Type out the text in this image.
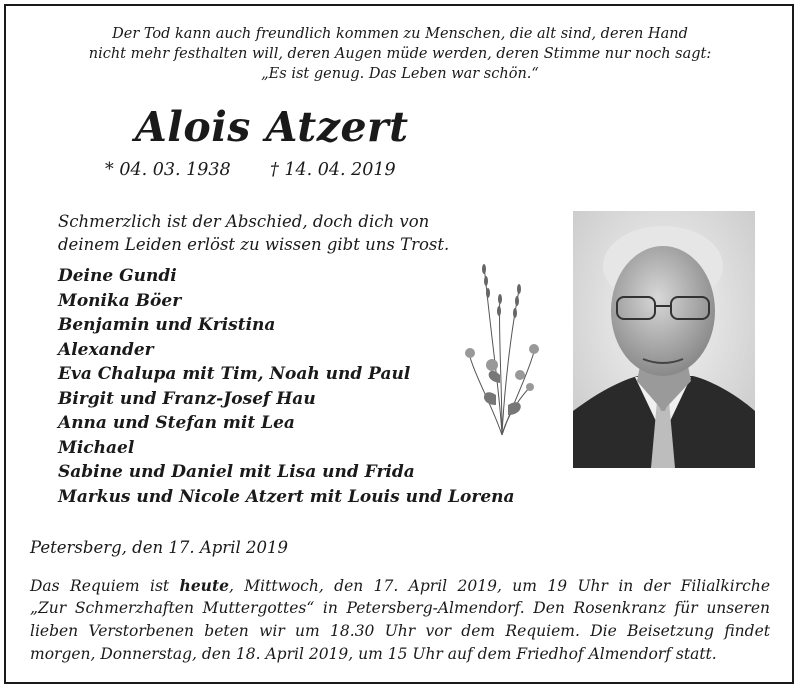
Der Tod kann auch freundlich kommen zu Menschen, die alt sind, deren Hand
nicht mehr festhalten will, deren Augen müde werden, deren Stimme nur noch sagt:
„Es ist genug. Das Leben war schön.“
Alois Atzert
* 04. 03. 1938 † 14. 04. 2019
Schmerzlich ist der Abschied, doch dich von
deinem Leiden erlöst zu wissen gibt uns Trost.
Deine Gundi
Monika Böer
Benjamin und Kristina
Alexander
Eva Chalupa mit Tim, Noah und Paul
Birgit und Franz-Josef Hau
Anna und Stefan mit Lea
Michael
Sabine und Daniel mit Lisa und Frida
Markus und Nicole Atzert mit Louis und Lorena
Petersberg, den 17. April 2019
Das Requiem ist heute, Mittwoch, den 17. April 2019, um 19 Uhr in der Filialkirche
„Zur Schmerzhaften Muttergottes“ in Petersberg-Almendorf. Den Rosenkranz für unseren
lieben Verstorbenen beten wir um 18.30 Uhr vor dem Requiem. Die Beisetzung findet
morgen, Donnerstag, den 18. April 2019, um 15 Uhr auf dem Friedhof Almendorf statt.
